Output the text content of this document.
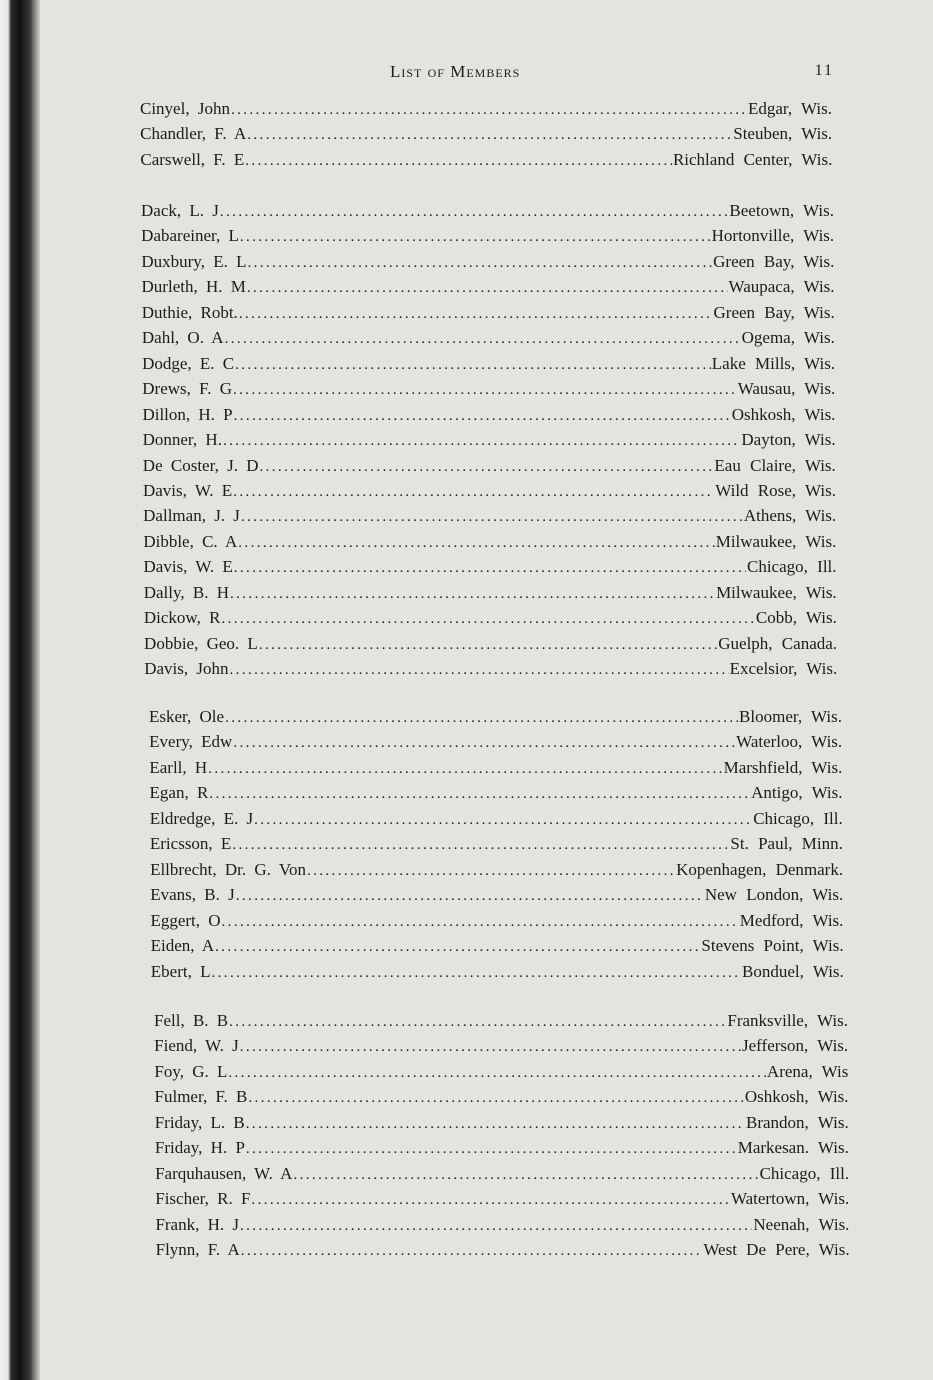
List of Members	11
Cinyel, John .....	Edgar, Wis.
Chandler, F. A .....	Steuben, Wis.
Carswell, F. E .....	Richland Center, Wis.
Dack, L. J .....	Beetown, Wis.
Dabareiner, L .....	Hortonville, Wis.
Duxbury, E. L .....	Green Bay, Wis.
Durleth, H. M .....	Waupaca, Wis.
Duthie, Robt. .....	Green Bay, Wis.
Dahl, O. A .....	Ogema, Wis.
Dodge, E. C .....	Lake Mills, Wis.
Drews, F. G .....	Wausau, Wis.
Dillon, H. P .....	Oshkosh, Wis.
Donner, H. .....	Dayton, Wis.
De Coster, J. D .....	Eau Claire, Wis.
Davis, W. E .....	Wild Rose, Wis.
Dallman, J. J .....	Athens, Wis.
Dibble, C. A .....	Milwaukee, Wis.
Davis, W. E .....	Chicago, Ill.
Dally, B. H .....	Milwaukee, Wis.
Dickow, R .....	Cobb, Wis.
Dobbie, Geo. L .....	Guelph, Canada.
Davis, John .....	Excelsior, Wis.
Esker, Ole .....	Bloomer, Wis.
Every, Edw .....	Waterloo, Wis.
Earll, H .....	Marshfield, Wis.
Egan, R .....	Antigo, Wis.
Eldredge, E. J .....	Chicago, Ill.
Ericsson, E .....	St. Paul, Minn.
Ellbrecht, Dr. G. Von .....	Kopenhagen, Denmark.
Evans, B. J .....	New London, Wis.
Eggert, O .....	Medford, Wis.
Eiden, A .....	Stevens Point, Wis.
Ebert, L .....	Bonduel, Wis.
Fell, B. B .....	Franksville, Wis.
Fiend, W. J .....	Jefferson, Wis.
Foy, G. L .....	Arena, Wis
Fulmer, F. B .....	Oshkosh, Wis.
Friday, L. B .....	Brandon, Wis.
Friday, H. P .....	Markesan. Wis.
Farquhausen, W. A .....	Chicago, Ill.
Fischer, R. F .....	Watertown, Wis.
Frank, H. J .....	Neenah, Wis.
Flynn, F. A .....	West De Pere, Wis.
